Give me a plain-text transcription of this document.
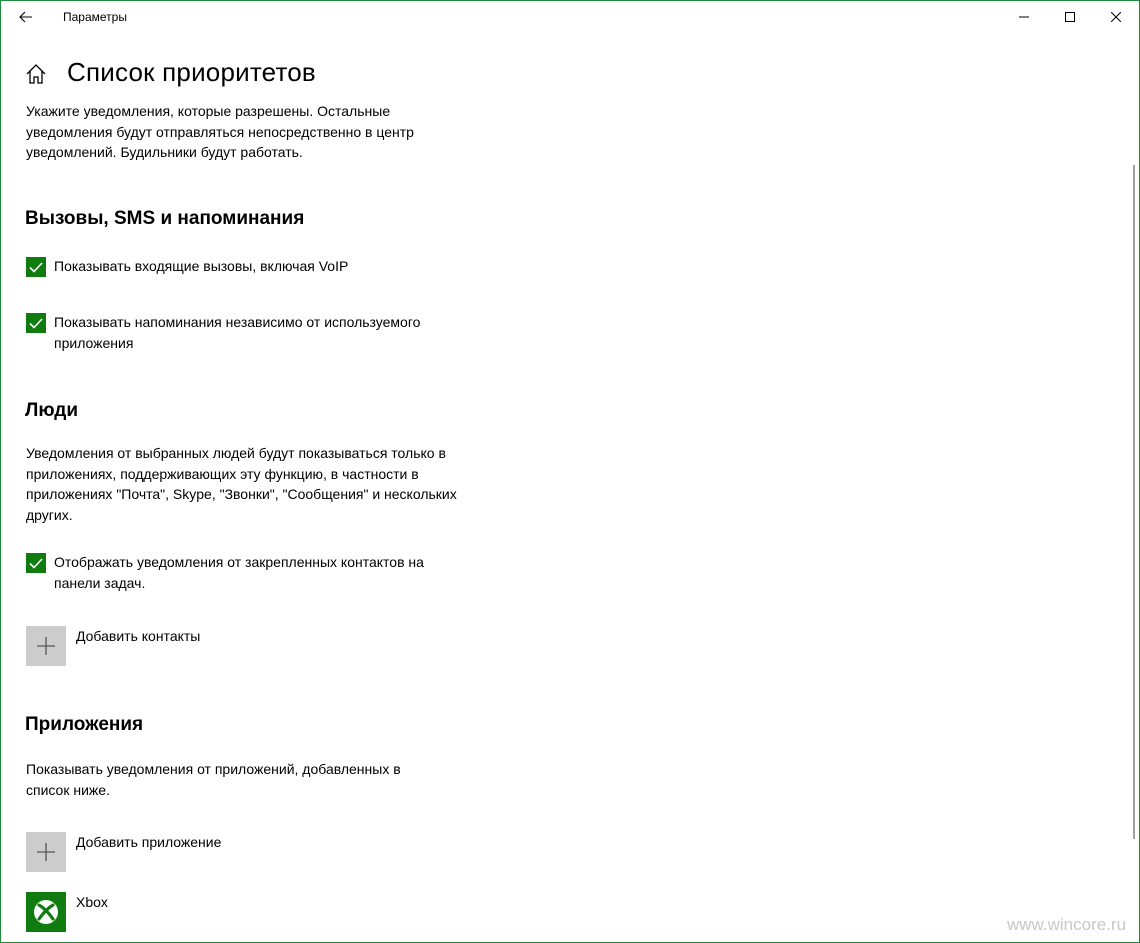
Параметры
Список приоритетов

Укажите уведомления, которые разрешены. Остальные уведомления будут отправляться непосредственно в центр уведомлений. Будильники будут работать.

Вызовы, SMS и напоминания
Показывать входящие вызовы, включая VoIP
Показывать напоминания независимо от используемого приложения
Люди

Уведомления от выбранных людей будут показываться только в приложениях, поддерживающих эту функцию, в частности в приложениях "Почта", Skype, "Звонки", "Сообщения" и нескольких других.

Отображать уведомления от закрепленных контактов на панели задач.
Добавить контакты
Приложения

Показывать уведомления от приложений, добавленных в список ниже.

Добавить приложение
Xbox
www.wincore.ru
